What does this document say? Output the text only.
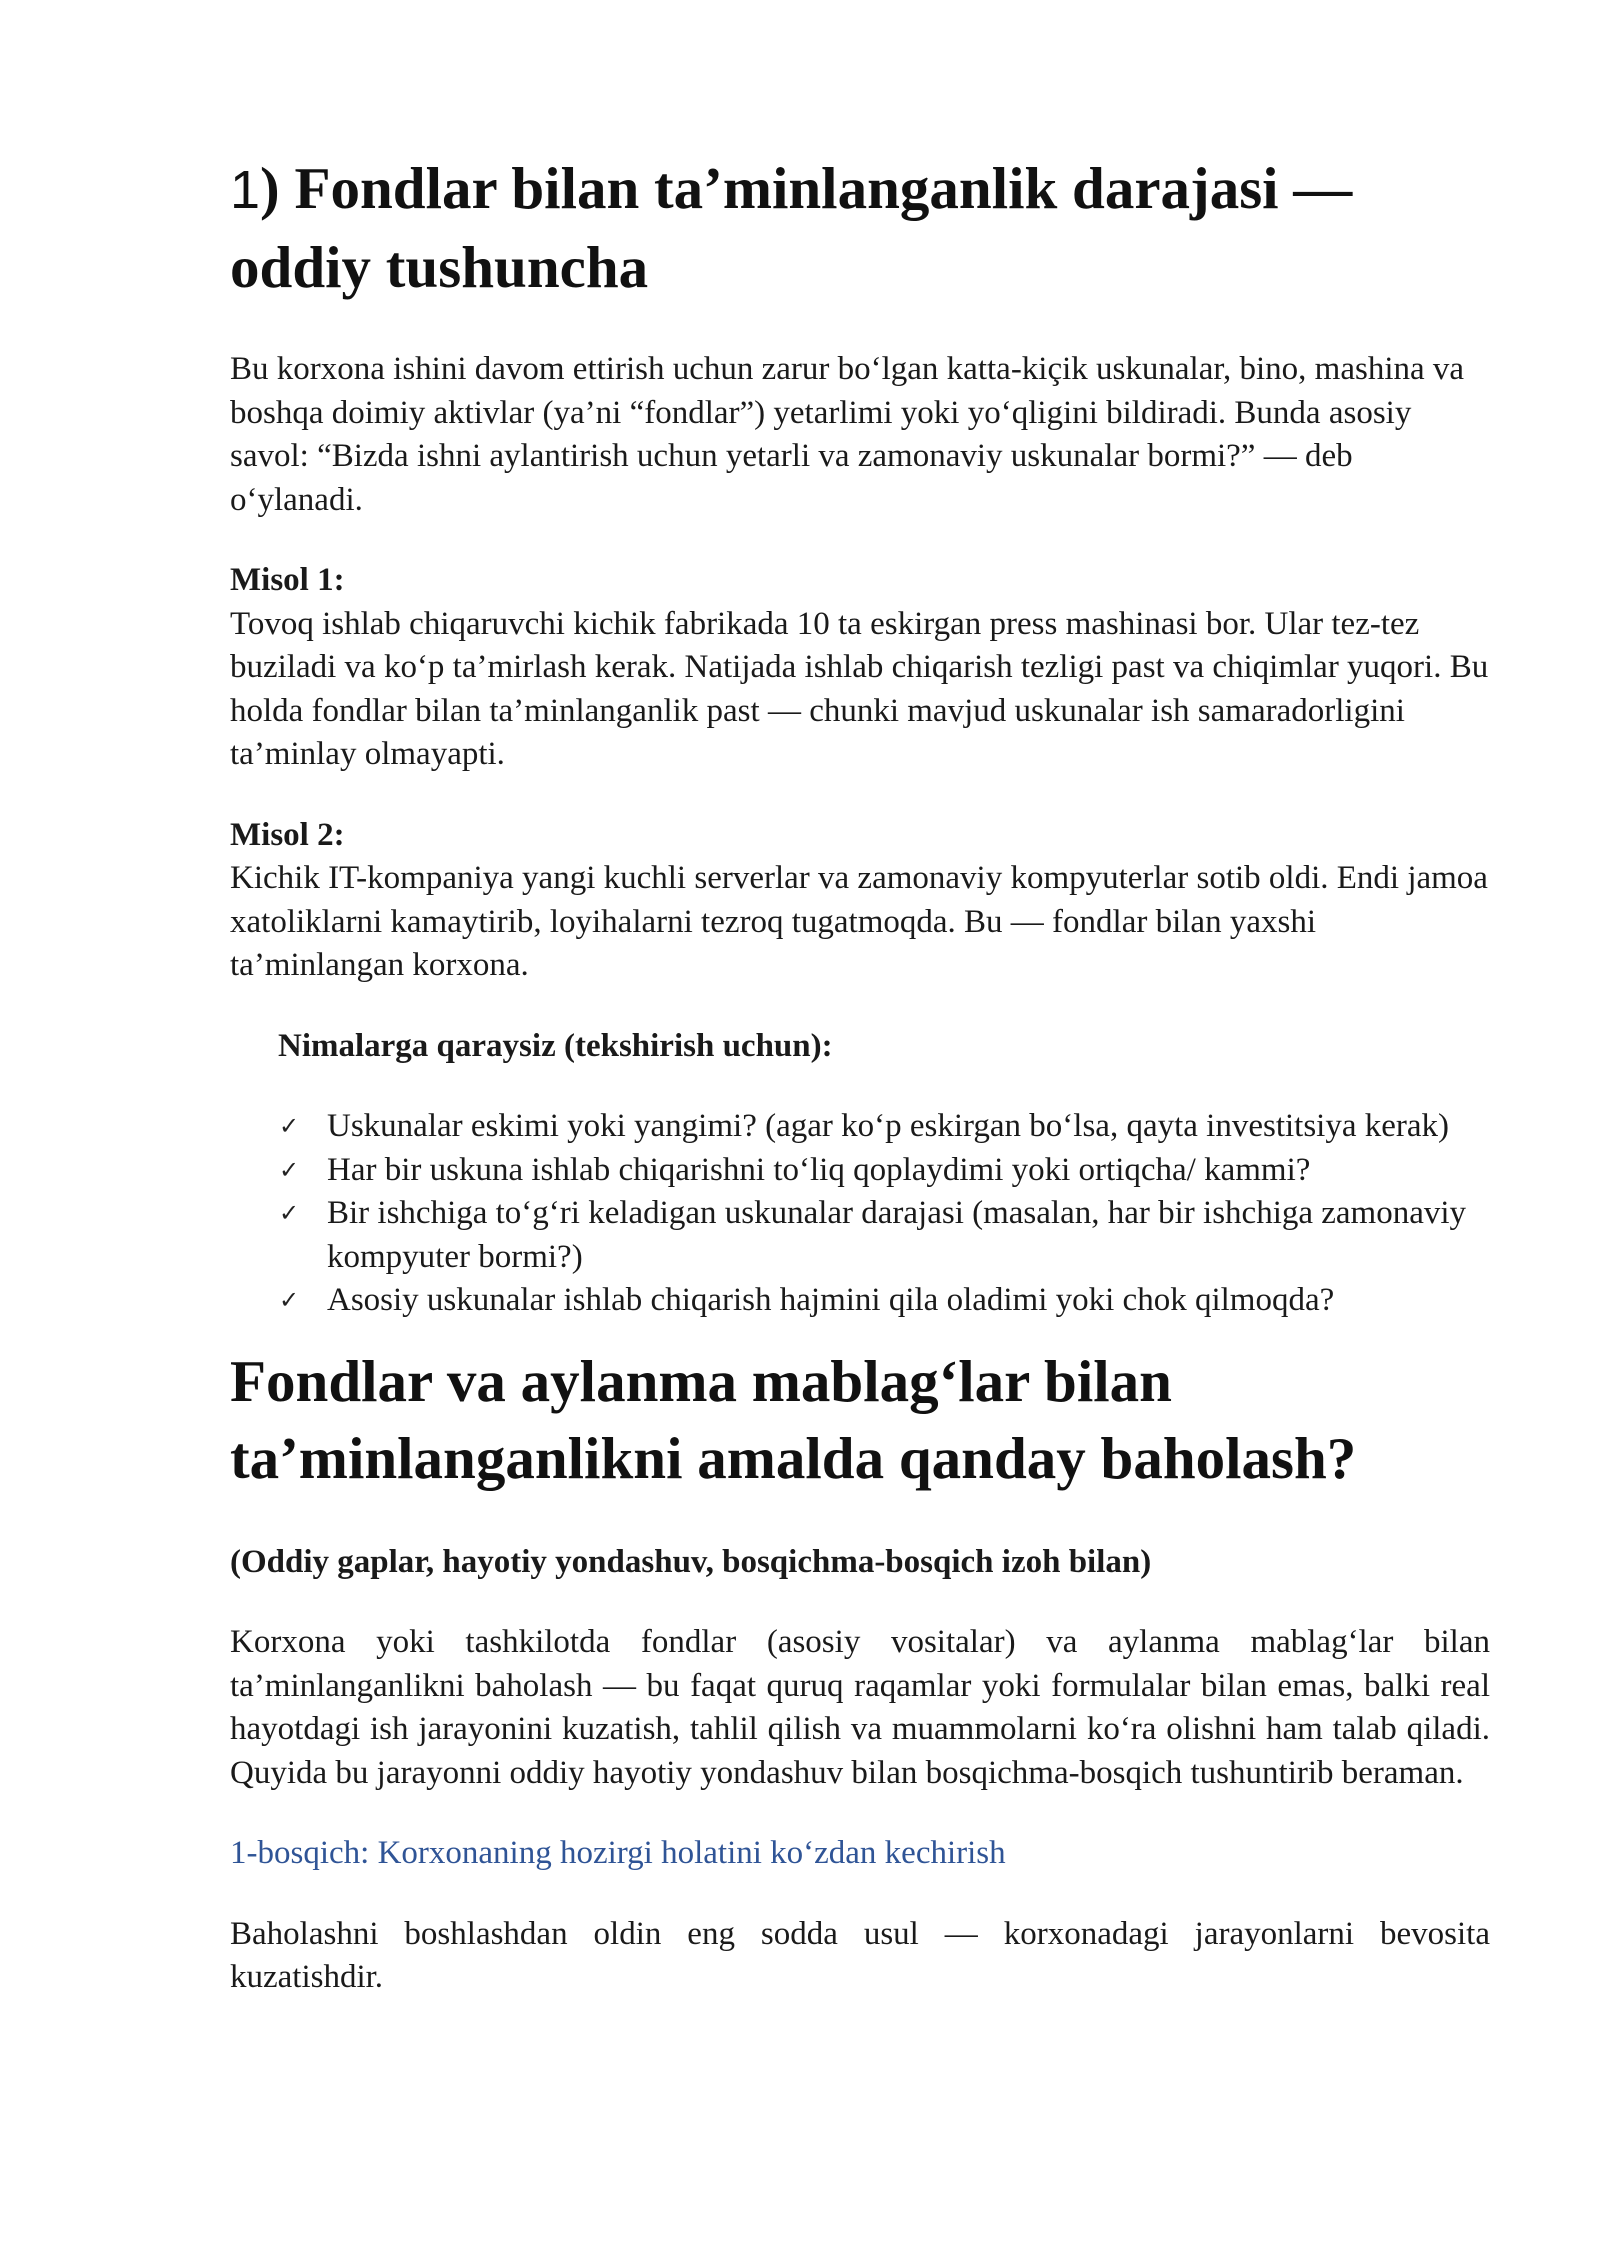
1) Fondlar bilan ta’minlanganlik darajasi — oddiy tushuncha

Bu korxona ishini davom ettirish uchun zarur bo‘lgan katta-kiçik uskunalar, bino, mashina va boshqa doimiy aktivlar (ya’ni “fondlar”) yetarlimi yoki yo‘qligini bildiradi. Bunda asosiy savol: “Bizda ishni aylantirish uchun yetarli va zamonaviy uskunalar bormi?” — deb o‘ylanadi.

Misol 1:

Tovoq ishlab chiqaruvchi kichik fabrikada 10 ta eskirgan press mashinasi bor. Ular tez-tez buziladi va ko‘p ta’mirlash kerak. Natijada ishlab chiqarish tezligi past va chiqimlar yuqori. Bu holda fondlar bilan ta’minlanganlik past — chunki mavjud uskunalar ish samaradorligini ta’minlay olmayapti.

Misol 2:

Kichik IT-kompaniya yangi kuchli serverlar va zamonaviy kompyuterlar sotib oldi. Endi jamoa xatoliklarni kamaytirib, loyihalarni tezroq tugatmoqda. Bu — fondlar bilan yaxshi ta’minlangan korxona.

Nimalarga qaraysiz (tekshirish uchun):

✓ Uskunalar eskimi yoki yangimi? (agar ko‘p eskirgan bo‘lsa, qayta investitsiya kerak)
✓ Har bir uskuna ishlab chiqarishni to‘liq qoplaydimi yoki ortiqcha/ kammi?
✓ Bir ishchiga to‘g‘ri keladigan uskunalar darajasi (masalan, har bir ishchiga zamonaviy kompyuter bormi?)
✓ Asosiy uskunalar ishlab chiqarish hajmini qila oladimi yoki chok qilmoqda?
Fondlar va aylanma mablag‘lar bilan ta’minlanganlikni amalda qanday baholash?

(Oddiy gaplar, hayotiy yondashuv, bosqichma-bosqich izoh bilan)

Korxona yoki tashkilotda fondlar (asosiy vositalar) va aylanma mablag‘lar bilan ta’minlanganlikni baholash — bu faqat quruq raqamlar yoki formulalar bilan emas, balki real hayotdagi ish jarayonini kuzatish, tahlil qilish va muammolarni ko‘ra olishni ham talab qiladi. Quyida bu jarayonni oddiy hayotiy yondashuv bilan bosqichma-bosqich tushuntirib beraman.

1-bosqich: Korxonaning hozirgi holatini ko‘zdan kechirish

Baholashni boshlashdan oldin eng sodda usul — korxonadagi jarayonlarni bevosita kuzatishdir.
